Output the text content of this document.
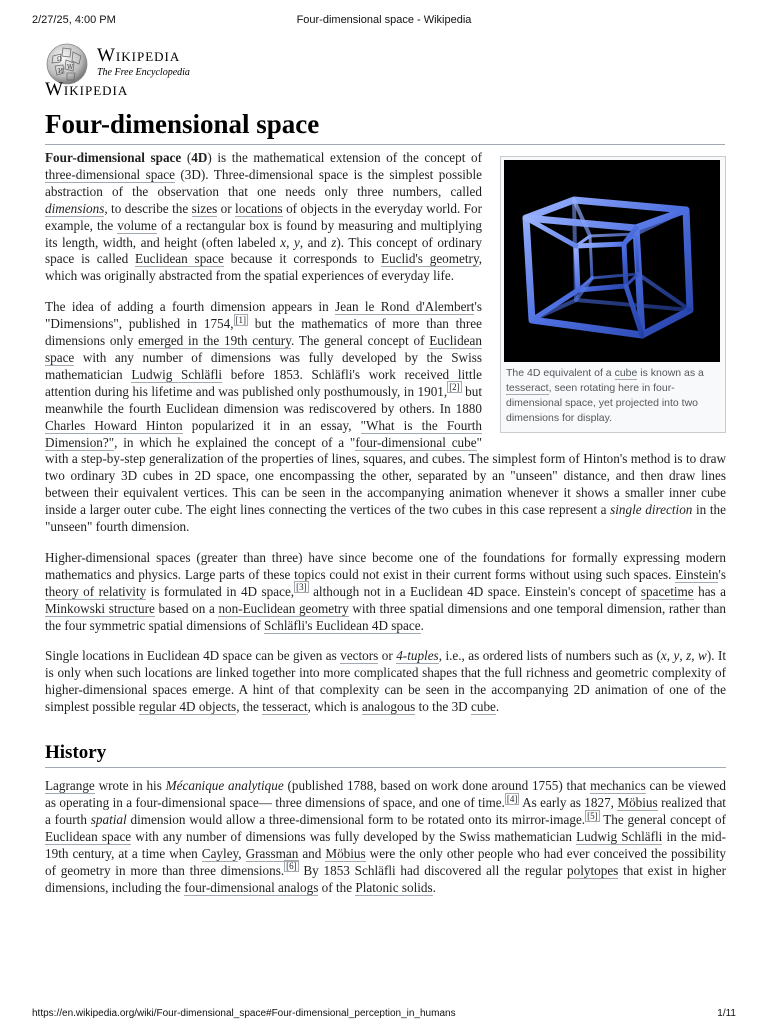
2/27/25, 4:00 PM	Four-dimensional space - Wikipedia
Ω
W
И
Wikipedia
The Free Encyclopedia
Wikipedia
Four-dimensional space
The 4D equivalent of a cube is known as a tesseract, seen rotating here in four-dimensional space, yet projected into two dimensions for display.

Four-dimensional space (4D) is the mathematical extension of the concept of three-dimensional space (3D). Three-dimensional space is the simplest possible abstraction of the observation that one needs only three numbers, called dimensions, to describe the sizes or locations of objects in the everyday world. For example, the volume of a rectangular box is found by measuring and multiplying its length, width, and height (often labeled x, y, and z). This concept of ordinary space is called Euclidean space because it corresponds to Euclid's geometry, which was originally abstracted from the spatial experiences of everyday life.

The idea of adding a fourth dimension appears in Jean le Rond d'Alembert's "Dimensions", published in 1754, [1] but the mathematics of more than three dimensions only emerged in the 19th century. The general concept of Euclidean space with any number of dimensions was fully developed by the Swiss mathematician Ludwig Schläfli before 1853. Schläfli's work received little attention during his lifetime and was published only posthumously, in 1901, [2] but meanwhile the fourth Euclidean dimension was rediscovered by others. In 1880 Charles Howard Hinton popularized it in an essay, "What is the Fourth Dimension?", in which he explained the concept of a "four-dimensional cube" with a step-by-step generalization of the properties of lines, squares, and cubes. The simplest form of Hinton's method is to draw two ordinary 3D cubes in 2D space, one encompassing the other, separated by an "unseen" distance, and then draw lines between their equivalent vertices. This can be seen in the accompanying animation whenever it shows a smaller inner cube inside a larger outer cube. The eight lines connecting the vertices of the two cubes in this case represent a single direction in the "unseen" fourth dimension.

Higher-dimensional spaces (greater than three) have since become one of the foundations for formally expressing modern mathematics and physics. Large parts of these topics could not exist in their current forms without using such spaces. Einstein's theory of relativity is formulated in 4D space, [3] although not in a Euclidean 4D space. Einstein's concept of spacetime has a Minkowski structure based on a non-Euclidean geometry with three spatial dimensions and one temporal dimension, rather than the four symmetric spatial dimensions of Schläfli's Euclidean 4D space.

Single locations in Euclidean 4D space can be given as vectors or 4-tuples, i.e., as ordered lists of numbers such as (x, y, z, w). It is only when such locations are linked together into more complicated shapes that the full richness and geometric complexity of higher-dimensional spaces emerge. A hint of that complexity can be seen in the accompanying 2D animation of one of the simplest possible regular 4D objects, the tesseract, which is analogous to the 3D cube.

History

Lagrange wrote in his Mécanique analytique (published 1788, based on work done around 1755) that mechanics can be viewed as operating in a four-dimensional space— three dimensions of space, and one of time. [4] As early as 1827, Möbius realized that a fourth spatial dimension would allow a three-dimensional form to be rotated onto its mirror-image. [5] The general concept of Euclidean space with any number of dimensions was fully developed by the Swiss mathematician Ludwig Schläfli in the mid-19th century, at a time when Cayley, Grassman and Möbius were the only other people who had ever conceived the possibility of geometry in more than three dimensions. [6] By 1853 Schläfli had discovered all the regular polytopes that exist in higher dimensions, including the four-dimensional analogs of the Platonic solids.

https://en.wikipedia.org/wiki/Four-dimensional_space#Four-dimensional_perception_in_humans	1/11
